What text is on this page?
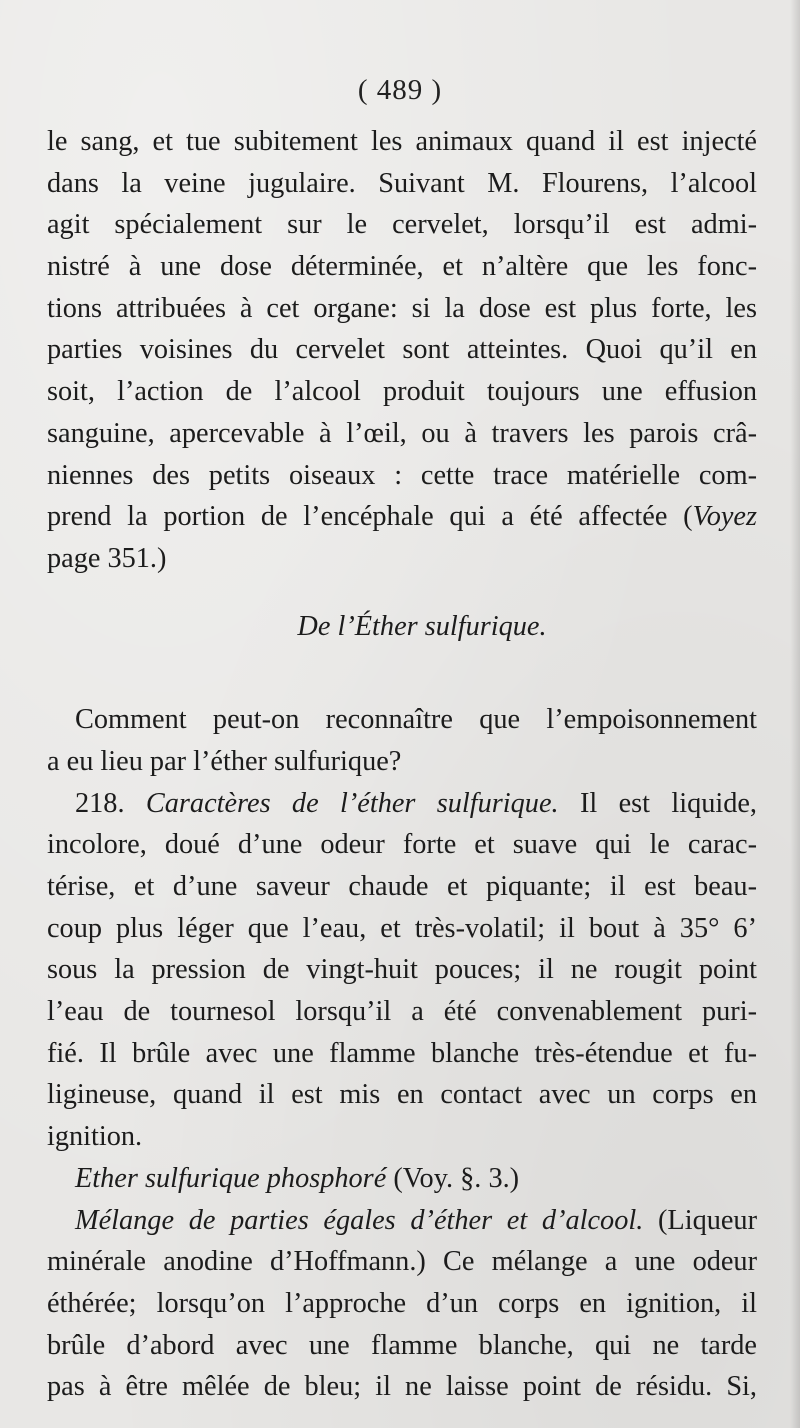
( 489 )
le sang, et tue subitement les animaux quand il est injecté
dans la veine jugulaire. Suivant M. Flourens, l’alcool
agit spécialement sur le cervelet, lorsqu’il est admi-
nistré à une dose déterminée, et n’altère que les fonc-
tions attribuées à cet organe: si la dose est plus forte, les
parties voisines du cervelet sont atteintes. Quoi qu’il en
soit, l’action de l’alcool produit toujours une effusion
sanguine, apercevable à l’œil, ou à travers les parois crâ-
niennes des petits oiseaux : cette trace matérielle com-
prend la portion de l’encéphale qui a été affectée (Voyez
page 351.)
De l’Éther sulfurique.
Comment peut-on reconnaître que l’empoisonnement
a eu lieu par l’éther sulfurique?
218. Caractères de l’éther sulfurique. Il est liquide,
incolore, doué d’une odeur forte et suave qui le carac-
térise, et d’une saveur chaude et piquante; il est beau-
coup plus léger que l’eau, et très-volatil; il bout à 35° 6’
sous la pression de vingt-huit pouces; il ne rougit point
l’eau de tournesol lorsqu’il a été convenablement puri-
fié. Il brûle avec une flamme blanche très-étendue et fu-
ligineuse, quand il est mis en contact avec un corps en
ignition.
Ether sulfurique phosphoré (Voy. §. 3.)
Mélange de parties égales d’éther et d’alcool. (Liqueur
minérale anodine d’Hoffmann.) Ce mélange a une odeur
éthérée; lorsqu’on l’approche d’un corps en ignition, il
brûle d’abord avec une flamme blanche, qui ne tarde
pas à être mêlée de bleu; il ne laisse point de résidu. Si,
